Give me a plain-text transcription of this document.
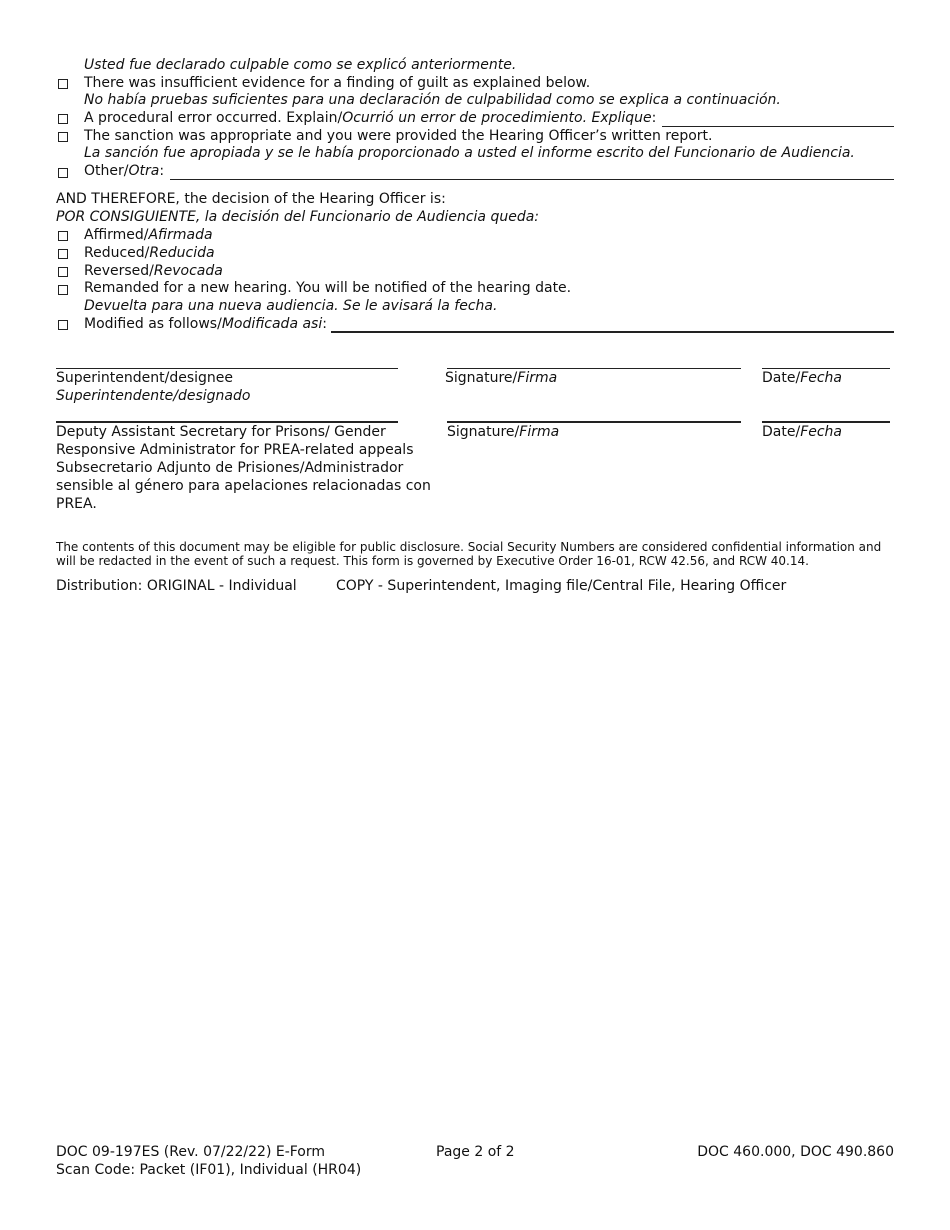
Usted fue declarado culpable como se explicó anteriormente.
There was insufficient evidence for a finding of guilt as explained below.
No había pruebas suficientes para una declaración de culpabilidad como se explica a continuación.
A procedural error occurred. Explain/Ocurrió un error de procedimiento. Explique:
The sanction was appropriate and you were provided the Hearing Officer’s written report.
La sanción fue apropiada y se le había proporcionado a usted el informe escrito del Funcionario de Audiencia.
Other/Otra:
AND THEREFORE, the decision of the Hearing Officer is:
POR CONSIGUIENTE, la decisión del Funcionario de Audiencia queda:
Affirmed/Afirmada
Reduced/Reducida
Reversed/Revocada
Remanded for a new hearing. You will be notified of the hearing date.
Devuelta para una nueva audiencia. Se le avisará la fecha.
Modified as follows/Modificada asi:
Superintendent/designee
Superintendente/designado
Signature/Firma	Date/Fecha
Deputy Assistant Secretary for Prisons/ Gender
Responsive Administrator for PREA-related appeals
Subsecretario Adjunto de Prisiones/Administrador
sensible al género para apelaciones relacionadas con
PREA.
Signature/Firma	Date/Fecha
The contents of this document may be eligible for public disclosure. Social Security Numbers are considered confidential information and
will be redacted in the event of such a request. This form is governed by Executive Order 16-01, RCW 42.56, and RCW 40.14.
Distribution: ORIGINAL - Individual	COPY - Superintendent, Imaging file/Central File, Hearing Officer
DOC 09-197ES (Rev. 07/22/22) E-Form
Scan Code: Packet (IF01), Individual (HR04)
Page 2 of 2	DOC 460.000, DOC 490.860
